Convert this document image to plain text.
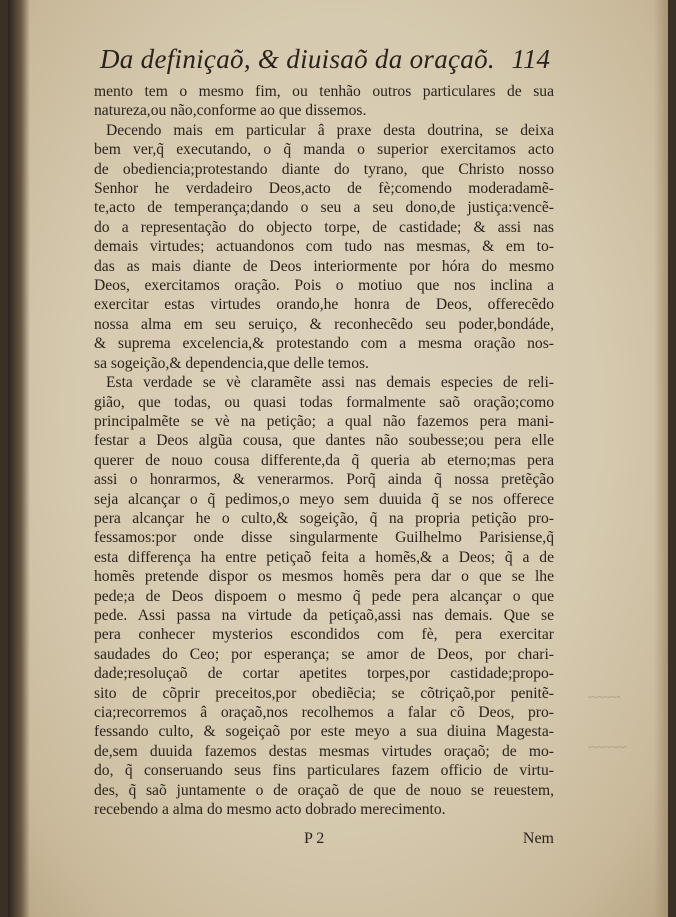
Da definiçaõ, & diuisaõ da oraçaõ. 114
mento tem o mesmo fim, ou tenhão outros particulares de sua
natureza,ou não,conforme ao que dissemos.
Decendo mais em particular â praxe desta doutrina, se deixa
bem ver,q̃ executando, o q̃ manda o superior exercitamos acto
de obediencia;protestando diante do tyrano, que Christo nosso
Senhor he verdadeiro Deos,acto de fè;comendo moderadamẽ-
te,acto de temperança;dando o seu a seu dono,de justiça:vencẽ-
do a representação do objecto torpe, de castidade; & assi nas
demais virtudes; actuandonos com tudo nas mesmas, & em to-
das as mais diante de Deos interiormente por hóra do mesmo
Deos, exercitamos oração. Pois o motiuo que nos inclina a
exercitar estas virtudes orando,he honra de Deos, offerecẽdo
nossa alma em seu seruiço, & reconhecẽdo seu poder,bondáde,
& suprema excelencia,& protestando com a mesma oração nos-
sa sogeição,& dependencia,que delle temos.
Esta verdade se vè claramẽte assi nas demais especies de reli-
gião, que todas, ou quasi todas formalmente saõ oração;como
principalmẽte se vè na petição; a qual não fazemos pera mani-
festar a Deos algũa cousa, que dantes não soubesse;ou pera elle
querer de nouo cousa differente,da q̃ queria ab eterno;mas pera
assi o honrarmos, & venerarmos. Porq̃ ainda q̃ nossa pretẽção
seja alcançar o q̃ pedimos,o meyo sem duuida q̃ se nos offerece
pera alcançar he o culto,& sogeição, q̃ na propria petição pro-
fessamos:por onde disse singularmente Guilhelmo Parisiense,q̃
esta differença ha entre petiçaõ feita a homẽs,& a Deos; q̃ a de
homẽs pretende dispor os mesmos homẽs pera dar o que se lhe
pede;a de Deos dispoem o mesmo q̃ pede pera alcançar o que
pede. Assi passa na virtude da petiçaõ,assi nas demais. Que se
pera conhecer mysterios escondidos com fè, pera exercitar
saudades do Ceo; por esperança; se amor de Deos, por chari-
dade;resoluçaõ de cortar apetites torpes,por castidade;propo-
sito de cõprir preceitos,por obediẽcia; se cõtriçaõ,por penitẽ-
cia;recorremos â oraçaõ,nos recolhemos a falar cõ Deos, pro-
fessando culto, & sogeiçaõ por este meyo a sua diuina Magesta-
de,sem duuida fazemos destas mesmas virtudes oraçaõ; de mo-
do, q̃ conseruando seus fins particulares fazem officio de virtu-
des, q̃ saõ juntamente o de oraçaõ de que de nouo se reuestem,
recebendo a alma do mesmo acto dobrado merecimento.
~~~~~
~~~~~~
P 2	Nem
